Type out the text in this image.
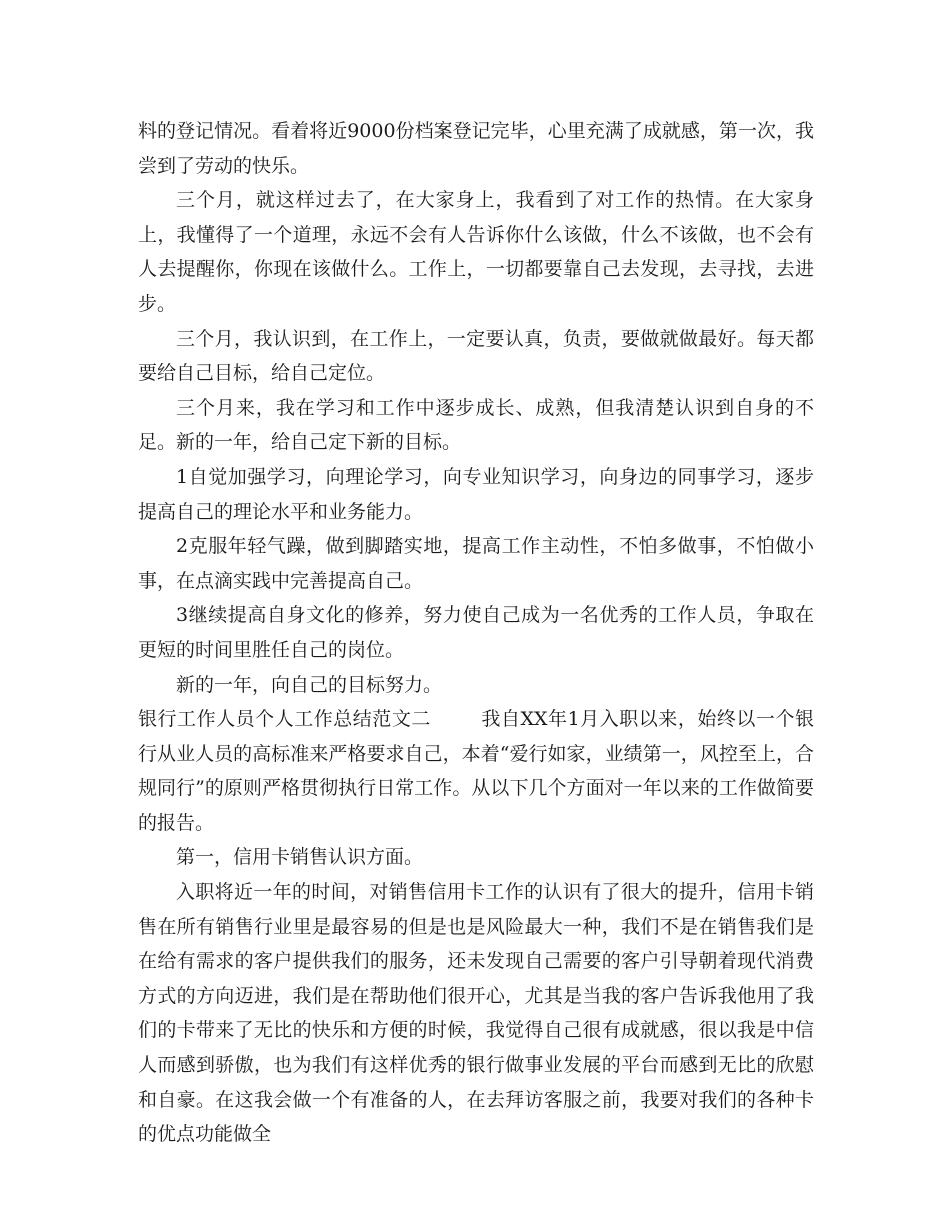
料的登记情况。看着将近9000份档案登记完毕，心里充满了成就感，第一次，我尝到了劳动的快乐。

三个月，就这样过去了，在大家身上，我看到了对工作的热情。在大家身上，我懂得了一个道理，永远不会有人告诉你什么该做，什么不该做，也不会有人去提醒你，你现在该做什么。工作上，一切都要靠自己去发现，去寻找，去进步。

三个月，我认识到，在工作上，一定要认真，负责，要做就做最好。每天都要给自己目标，给自己定位。

三个月来，我在学习和工作中逐步成长、成熟，但我清楚认识到自身的不足。新的一年，给自己定下新的目标。

1自觉加强学习，向理论学习，向专业知识学习，向身边的同事学习，逐步提高自己的理论水平和业务能力。

2克服年轻气躁，做到脚踏实地，提高工作主动性，不怕多做事，不怕做小事，在点滴实践中完善提高自己。

3继续提高自身文化的修养，努力使自己成为一名优秀的工作人员，争取在更短的时间里胜任自己的岗位。

新的一年，向自己的目标努力。

银行工作人员个人工作总结范文二	我自XX年1月入职以来，始终以一个银行从业人员的高标准来严格要求自己，本着“爱行如家，业绩第一，风控至上，合规同行”的原则严格贯彻执行日常工作。从以下几个方面对一年以来的工作做简要的报告。

第一，信用卡销售认识方面。

入职将近一年的时间，对销售信用卡工作的认识有了很大的提升，信用卡销售在所有销售行业里是最容易的但是也是风险最大一种，我们不是在销售我们是在给有需求的客户提供我们的服务，还未发现自己需要的客户引导朝着现代消费方式的方向迈进，我们是在帮助他们很开心，尤其是当我的客户告诉我他用了我们的卡带来了无比的快乐和方便的时候，我觉得自己很有成就感，很以我是中信人而感到骄傲，也为我们有这样优秀的银行做事业发展的平台而感到无比的欣慰和自豪。在这我会做一个有准备的人，在去拜访客服之前，我要对我们的各种卡的优点功能做全
